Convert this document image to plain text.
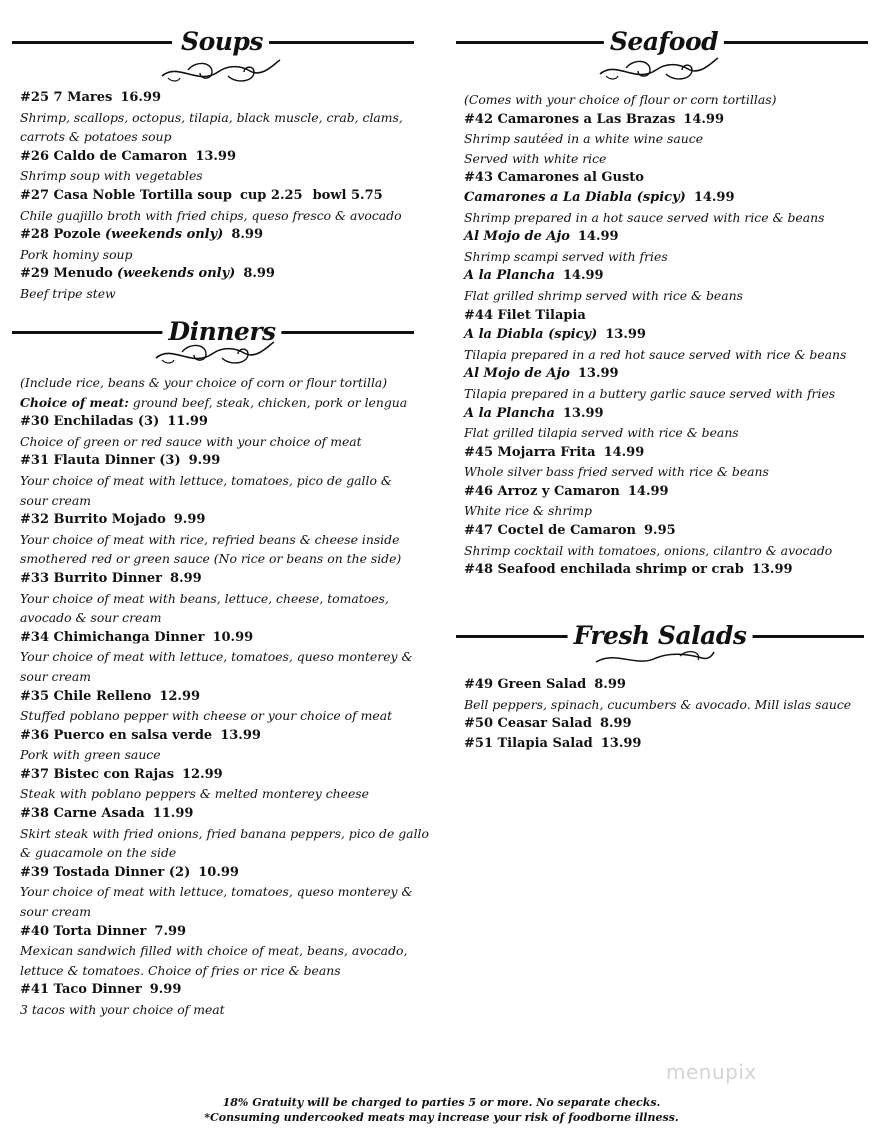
Soups
#25 7 Mares 16.99
Shrimp, scallops, octopus, tilapia, black muscle, crab, clams,
carrots & potatoes soup
#26 Caldo de Camaron 13.99
Shrimp soup with vegetables
#27 Casa Noble Tortilla soup cup 2.25 bowl 5.75
Chile guajillo broth with fried chips, queso fresco & avocado
#28 Pozole (weekends only) 8.99
Pork hominy soup
#29 Menudo (weekends only) 8.99
Beef tripe stew
Dinners
(Include rice, beans & your choice of corn or flour tortilla)
Choice of meat: ground beef, steak, chicken, pork or lengua
#30 Enchiladas (3) 11.99
Choice of green or red sauce with your choice of meat
#31 Flauta Dinner (3) 9.99
Your choice of meat with lettuce, tomatoes, pico de gallo &
sour cream
#32 Burrito Mojado 9.99
Your choice of meat with rice, refried beans & cheese inside
smothered red or green sauce (No rice or beans on the side)
#33 Burrito Dinner 8.99
Your choice of meat with beans, lettuce, cheese, tomatoes,
avocado & sour cream
#34 Chimichanga Dinner 10.99
Your choice of meat with lettuce, tomatoes, queso monterey &
sour cream
#35 Chile Relleno 12.99
Stuffed poblano pepper with cheese or your choice of meat
#36 Puerco en salsa verde 13.99
Pork with green sauce
#37 Bistec con Rajas 12.99
Steak with poblano peppers & melted monterey cheese
#38 Carne Asada 11.99
Skirt steak with fried onions, fried banana peppers, pico de gallo
& guacamole on the side
#39 Tostada Dinner (2) 10.99
Your choice of meat with lettuce, tomatoes, queso monterey &
sour cream
#40 Torta Dinner 7.99
Mexican sandwich filled with choice of meat, beans, avocado,
lettuce & tomatoes. Choice of fries or rice & beans
#41 Taco Dinner 9.99
3 tacos with your choice of meat
Seafood
(Comes with your choice of flour or corn tortillas)
#42 Camarones a Las Brazas 14.99
Shrimp sautéed in a white wine sauce
Served with white rice
#43 Camarones al Gusto
Camarones a La Diabla (spicy) 14.99
Shrimp prepared in a hot sauce served with rice & beans
Al Mojo de Ajo 14.99
Shrimp scampi served with fries
A la Plancha 14.99
Flat grilled shrimp served with rice & beans
#44 Filet Tilapia
A la Diabla (spicy) 13.99
Tilapia prepared in a red hot sauce served with rice & beans
Al Mojo de Ajo 13.99
Tilapia prepared in a buttery garlic sauce served with fries
A la Plancha 13.99
Flat grilled tilapia served with rice & beans
#45 Mojarra Frita 14.99
Whole silver bass fried served with rice & beans
#46 Arroz y Camaron 14.99
White rice & shrimp
#47 Coctel de Camaron 9.95
Shrimp cocktail with tomatoes, onions, cilantro & avocado
#48 Seafood enchilada shrimp or crab 13.99
Fresh Salads
#49 Green Salad 8.99
Bell peppers, spinach, cucumbers & avocado. Mill islas sauce
#50 Ceasar Salad 8.99
#51 Tilapia Salad 13.99
18% Gratuity will be charged to parties 5 or more. No separate checks.
*Consuming undercooked meats may increase your risk of foodborne illness.
menupix
